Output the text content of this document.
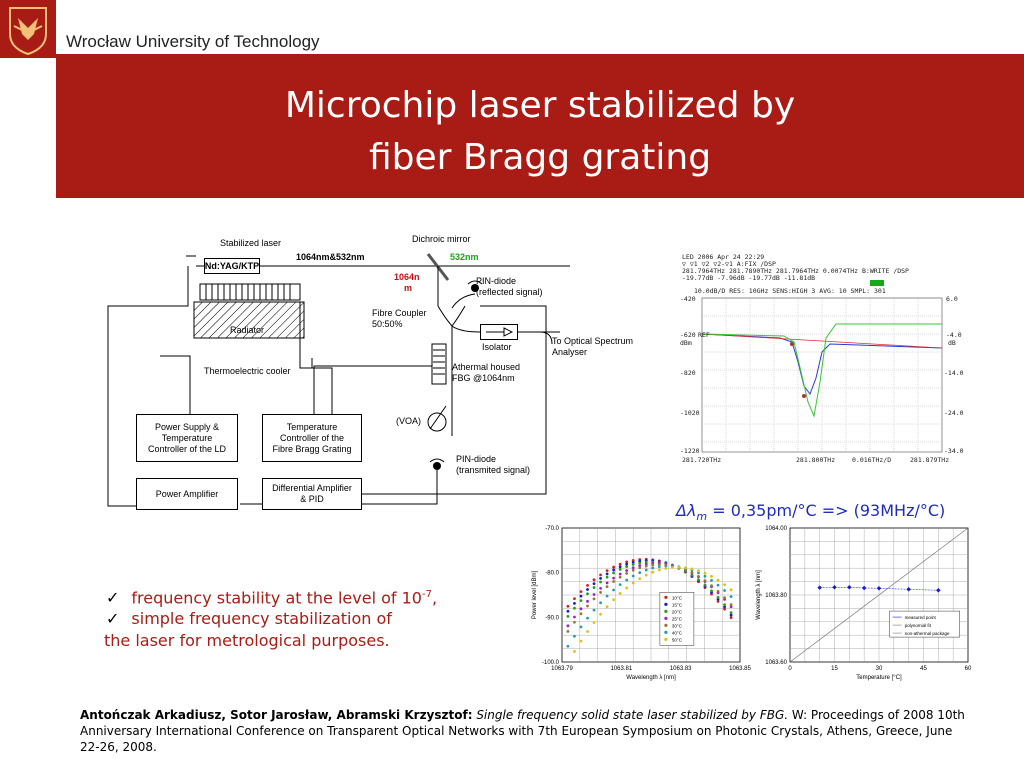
Wrocław University of Technology
Microchip laser stabilized by
fiber Bragg grating
Stabilized laser
Nd:YAG/KTP
1064nm&532nm
Dichroic mirror
532nm
1064n
m
PIN-diode
(reflected signal)
Fibre Coupler
50:50%
Isolator
To Optical Spectrum
Analyser
Radiator
Thermoelectric cooler	Athermal housed
FBG @1064nm
(VOA)
PIN-diode
(transmited signal)
Power Supply &
Temperature
Controller of the LD
Temperature
Controller of the
Fibre Bragg Grating
Power Amplifier
Differential Amplifier
& PID
LED 2006 Apr 24 22:29
▽ ▽1 ▽2 ▽2-▽1 A:FIX /DSP
281.7964THz 281.7890THz 281.7964THz 0.0074THz B:WRITE /DSP
-19.77dB -7.96dB -19.77dB -11.81dB
10.0dB/D RES: 10GHz SENS:HIGH 3 AVG: 10 SMPL: 301
-420
-620
dBm
REF
-820
-1020
-1220
6.0
-4.0
dB
-14.0
-24.0
-34.0
281.720THz	281.800THz	0.016THz/D	281.879THz
$\Delta\lambda_m = 0,35pm/^\circ C => (93MHz/^\circ C)$
1063.79	1063.81	1063.83	1063.85
-70.0
-80.0
-90.0
-100.0
Wavelength λ [nm]
Power level [dBm]	10°C
15°C
20°C
25°C
30°C
40°C
50°C
0	15	30	45	60
1064.00
1063.80
1063.60
Temperature [°C]
Wavelength λ [nm]	measured point
polynomial fit
non-athermal package
✓ frequency stability at the level of $10^{-7}$,
✓ simple frequency stabilization of
the laser for metrological purposes.
Antończak Arkadiusz, Sotor Jarosław, Abramski Krzysztof: Single frequency solid state laser stabilized by FBG. W: Proceedings of 2008 10th Anniversary International Conference on Transparent Optical Networks with 7th European Symposium on Photonic Crystals, Athens, Greece, June 22-26, 2008.
